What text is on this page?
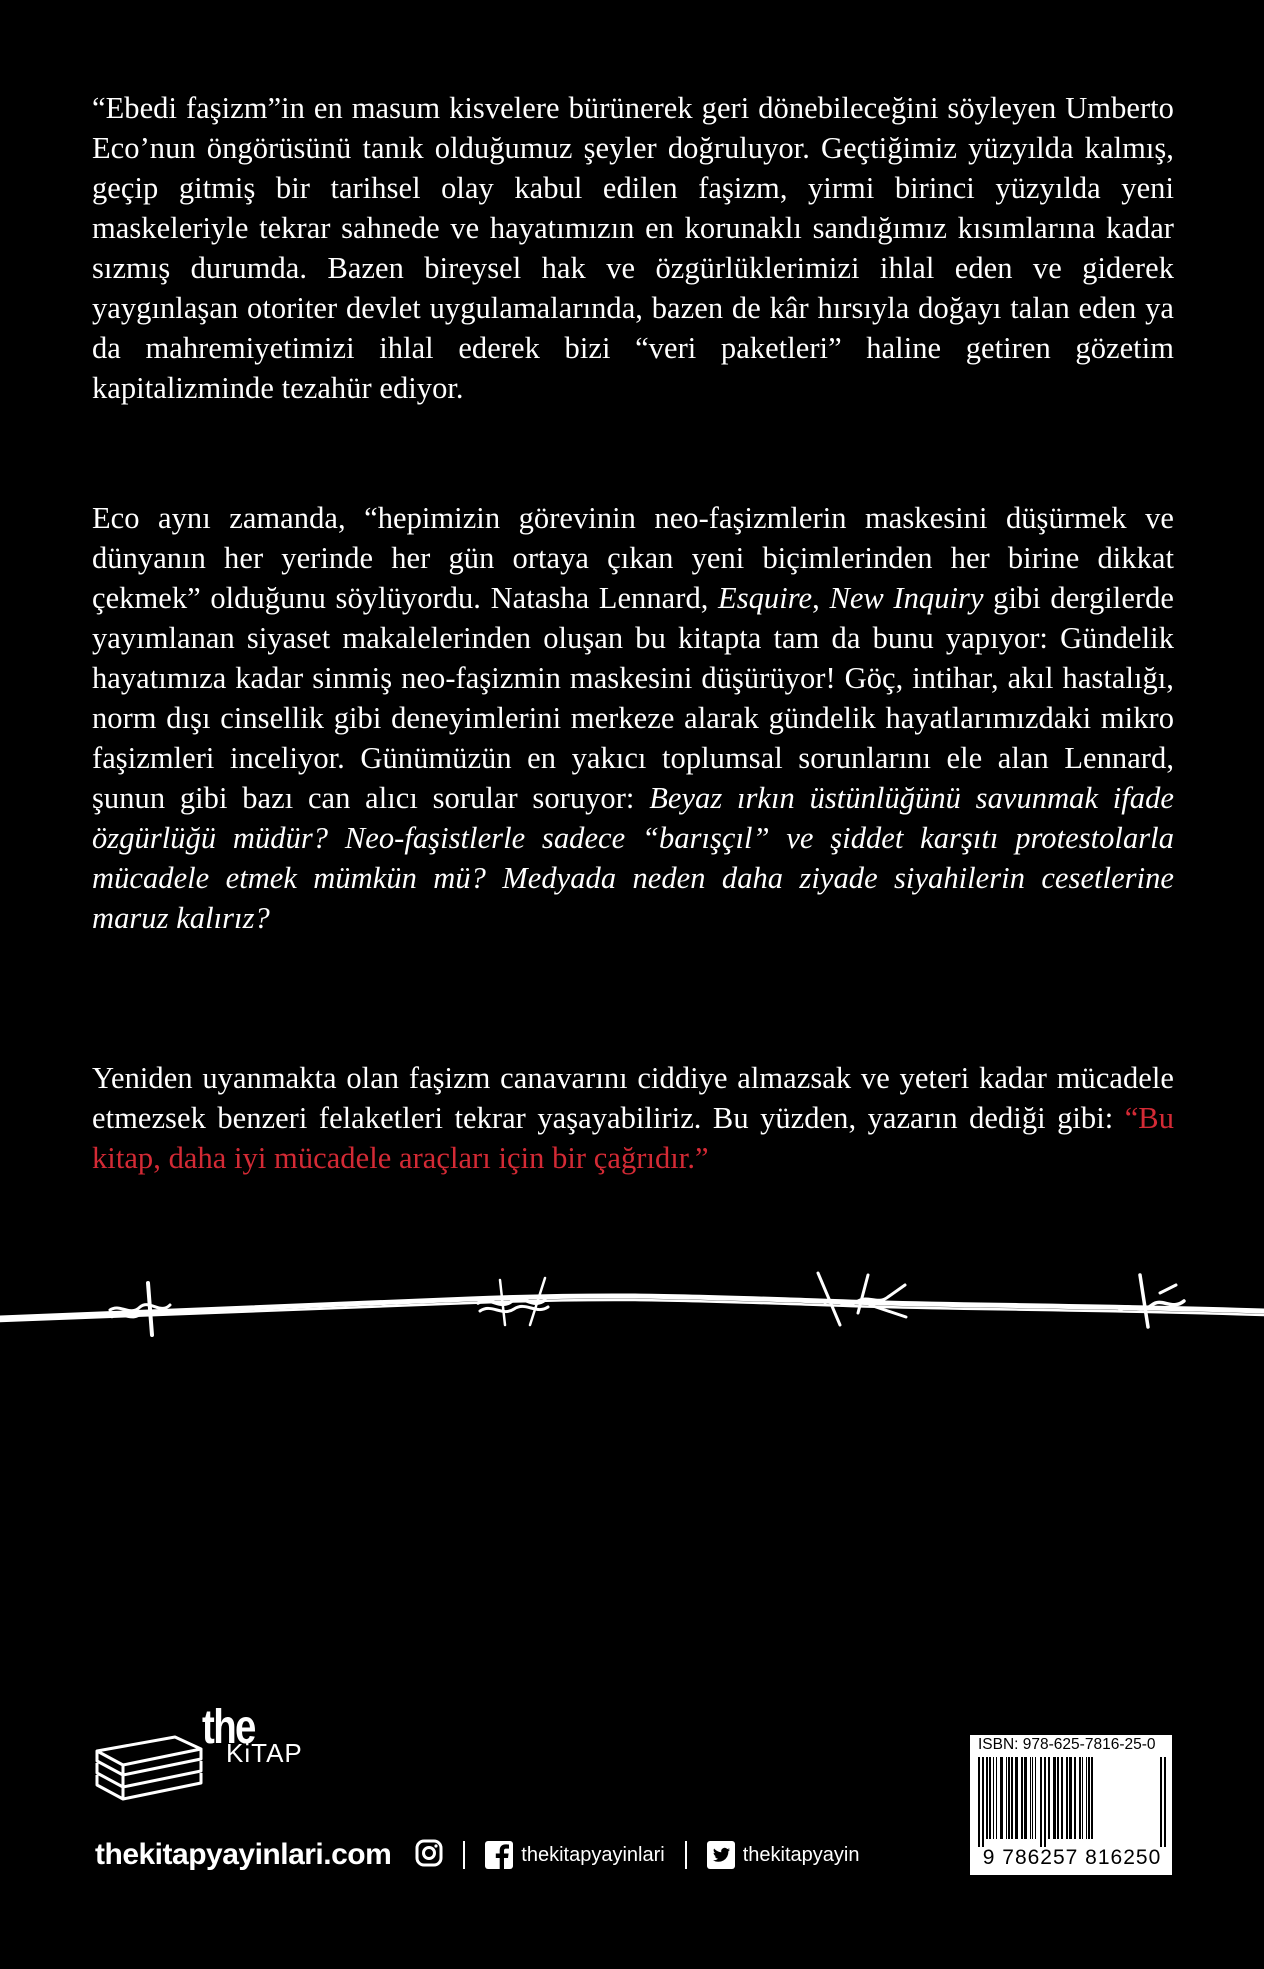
“Ebedi faşizm”in en masum kisvelere bürünerek geri dönebileceğini söyleyen Umberto Eco’nun öngörüsünü tanık olduğumuz şeyler doğruluyor. Geçtiğimiz yüzyılda kalmış, geçip gitmiş bir tarihsel olay kabul edilen faşizm, yirmi birinci yüzyılda yeni maskeleriyle tekrar sahnede ve hayatımızın en korunaklı sandığımız kısımlarına kadar sızmış durumda. Bazen bireysel hak ve özgürlüklerimizi ihlal eden ve giderek yaygınlaşan otoriter devlet uygulamalarında, bazen de kâr hırsıyla doğayı talan eden ya da mahremiyetimizi ihlal ederek bizi “veri paketleri” haline getiren gözetim kapitalizminde tezahür ediyor.

Eco aynı zamanda, “hepimizin görevinin neo-faşizmlerin maskesini düşürmek ve dünyanın her yerinde her gün ortaya çıkan yeni biçimlerinden her birine dikkat çekmek” olduğunu söylüyordu. Natasha Lennard, Esquire, New Inquiry gibi dergilerde yayımlanan siyaset makalelerinden oluşan bu kitapta tam da bunu yapıyor: Gündelik hayatımıza kadar sinmiş neo-faşizmin maskesini düşürüyor! Göç, intihar, akıl hastalığı, norm dışı cinsellik gibi deneyimlerini merkeze alarak gündelik hayatlarımızdaki mikro faşizmleri inceliyor. Günümüzün en yakıcı toplumsal sorunlarını ele alan Lennard, şunun gibi bazı can alıcı sorular soruyor: Beyaz ırkın üstünlüğünü savunmak ifade özgürlüğü müdür? Neo-faşistlerle sadece “barışçıl” ve şiddet karşıtı protestolarla mücadele etmek mümkün mü? Medyada neden daha ziyade siyahilerin cesetlerine maruz kalırız?

Yeniden uyanmakta olan faşizm canavarını ciddiye almazsak ve yeteri kadar mücadele etmezsek benzeri felaketleri tekrar yaşayabiliriz. Bu yüzden, yazarın dediği gibi: “Bu kitap, daha iyi mücadele araçları için bir çağrıdır.”

the
KiTAP
thekitapyayinlari.com	thekitapyayinlari	thekitapyayin
ISBN: 978-625-7816-25-0
9 786257 816250
